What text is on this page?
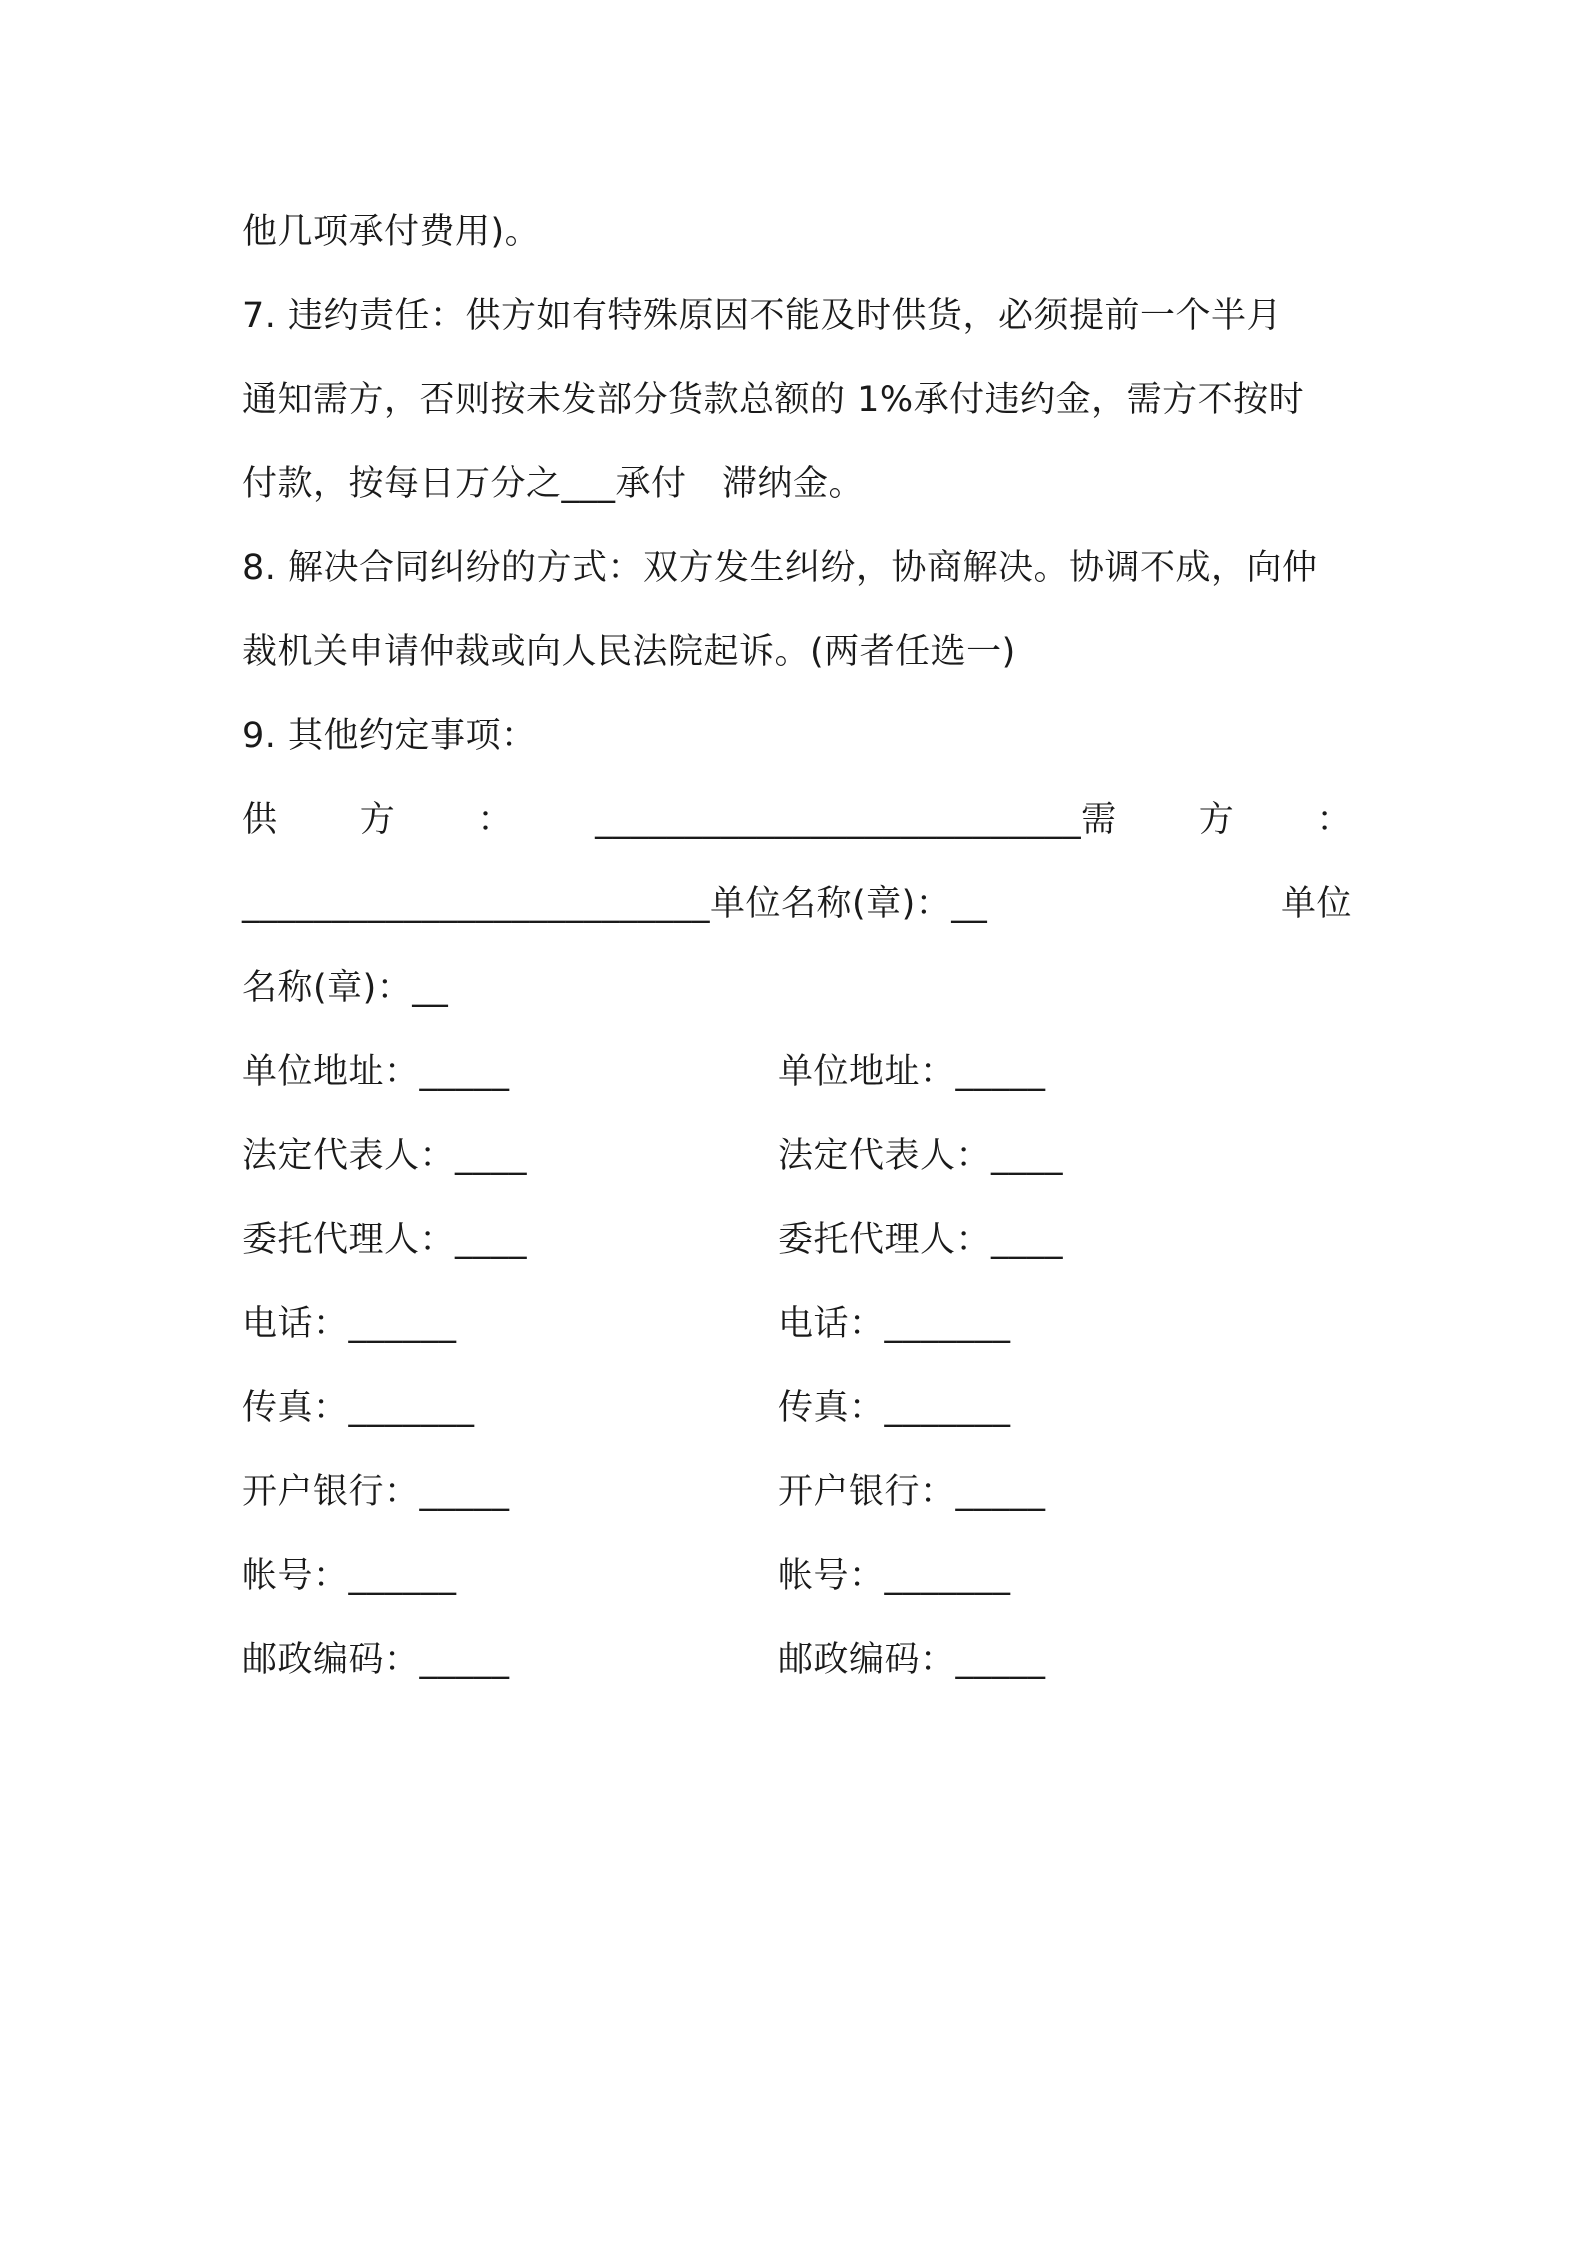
他几项承付费用)。
7. 违约责任：供方如有特殊原因不能及时供货，必须提前一个半月
通知需方，否则按未发部分货款总额的 1%承付违约金，需方不按时
付款，按每日万分之___承付　滞纳金。
8. 解决合同纠纷的方式：双方发生纠纷，协商解决。协调不成，向仲
裁机关申请仲裁或向人民法院起诉。(两者任选一)
9. 其他约定事项：
供 方 ： ___________________________需 方 ：
__________________________单位名称(章)：__	单位
名称(章)：__
单位地址：_____	单位地址：_____
法定代表人：____	法定代表人：____
委托代理人：____	委托代理人：____
电话：______	电话：_______
传真：_______	传真：_______
开户银行：_____	开户银行：_____
帐号：______	帐号：_______
邮政编码：_____	邮政编码：_____
